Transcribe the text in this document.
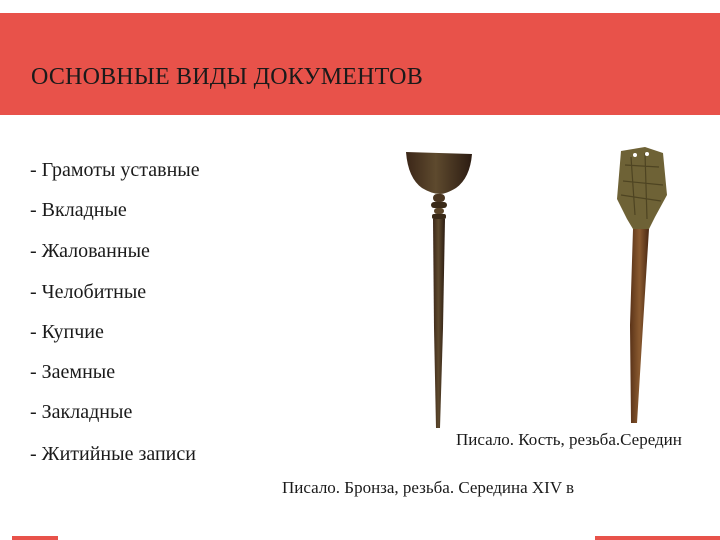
ОСНОВНЫЕ ВИДЫ ДОКУМЕНТОВ
- Грамоты уставные
- Вкладные
- Жалованные
- Челобитные
- Купчие
- Заемные
- Закладные
- Житийные записи
Писало. Кость, резьба.Середин
Писало. Бронза, резьба. Середина XIV в
